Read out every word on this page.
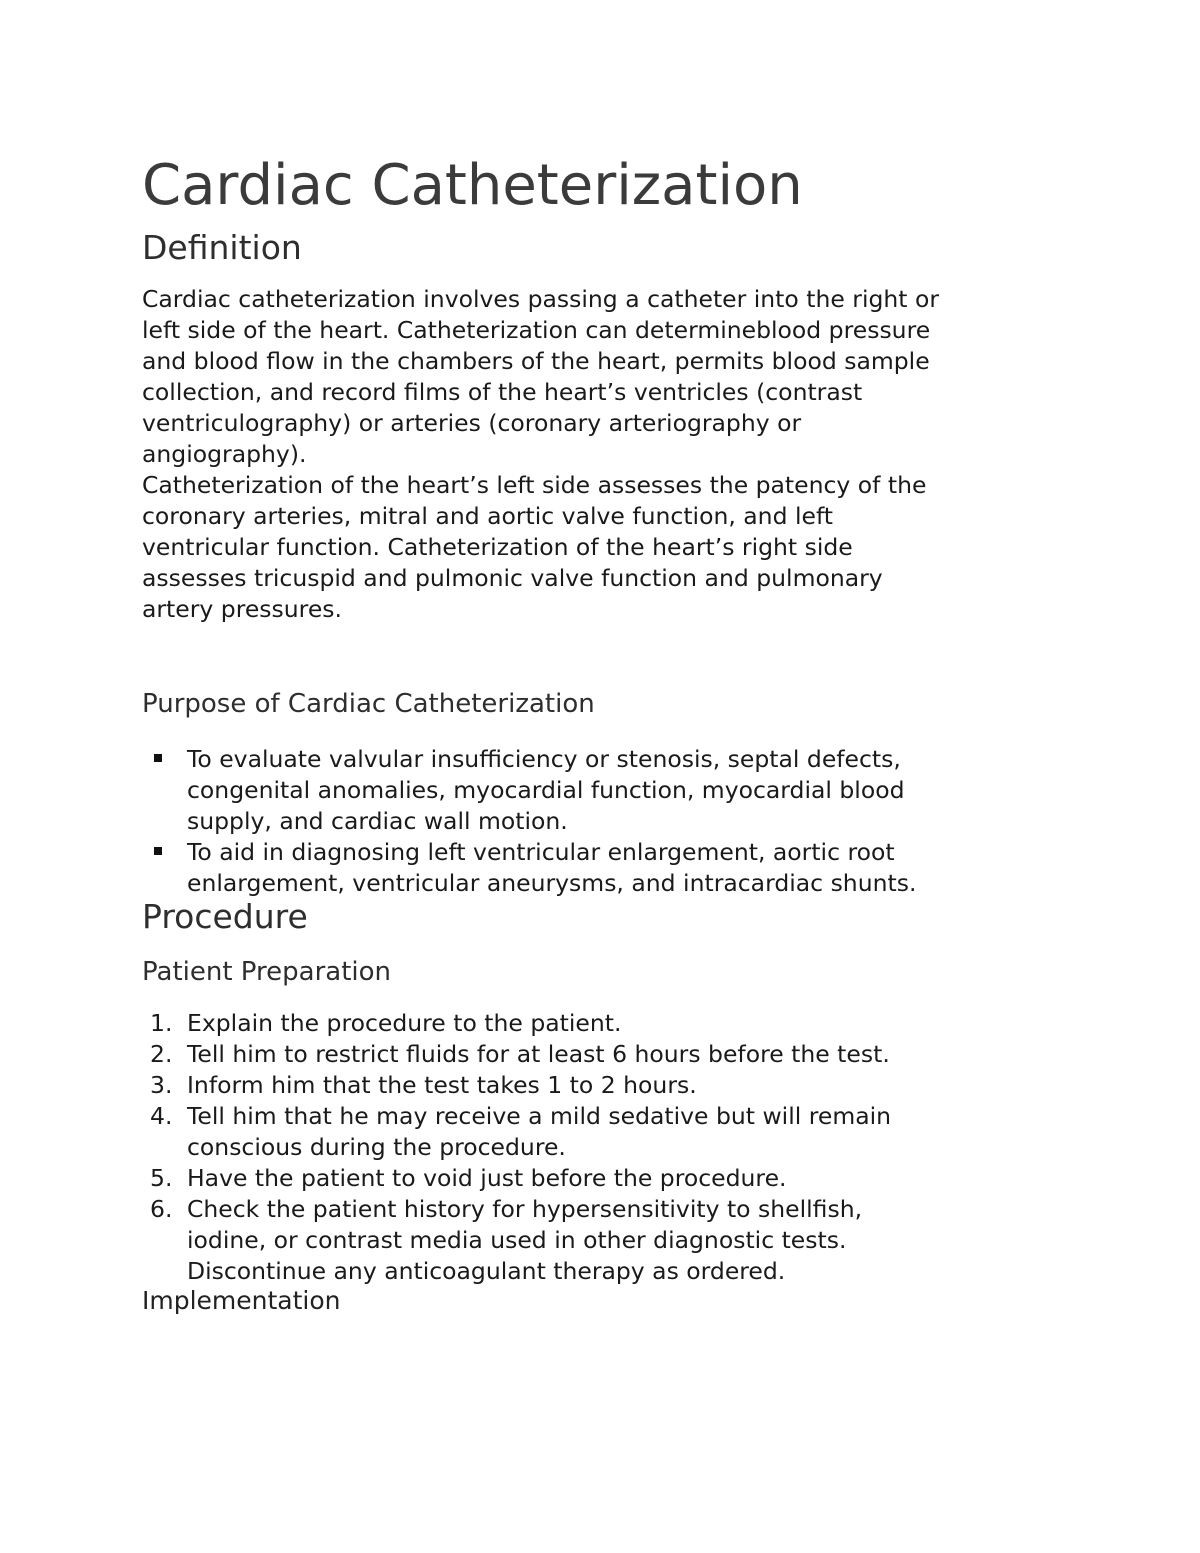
Cardiac Catheterization
Definition
Cardiac catheterization involves passing a catheter into the right or
left side of the heart. Catheterization can determineblood pressure
and blood flow in the chambers of the heart, permits blood sample
collection, and record films of the heart’s ventricles (contrast
ventriculography) or arteries (coronary arteriography or
angiography).
Catheterization of the heart’s left side assesses the patency of the
coronary arteries, mitral and aortic valve function, and left
ventricular function. Catheterization of the heart’s right side
assesses tricuspid and pulmonic valve function and pulmonary
artery pressures.
Purpose of Cardiac Catheterization
To evaluate valvular insufficiency or stenosis, septal defects,
congenital anomalies, myocardial function, myocardial blood
supply, and cardiac wall motion.
To aid in diagnosing left ventricular enlargement, aortic root
enlargement, ventricular aneurysms, and intracardiac shunts.
Procedure
Patient Preparation
1. Explain the procedure to the patient.
2. Tell him to restrict fluids for at least 6 hours before the test.
3. Inform him that the test takes 1 to 2 hours.
4. Tell him that he may receive a mild sedative but will remain
conscious during the procedure.
5. Have the patient to void just before the procedure.
6. Check the patient history for hypersensitivity to shellfish,
iodine, or contrast media used in other diagnostic tests.
Discontinue any anticoagulant therapy as ordered.
Implementation
